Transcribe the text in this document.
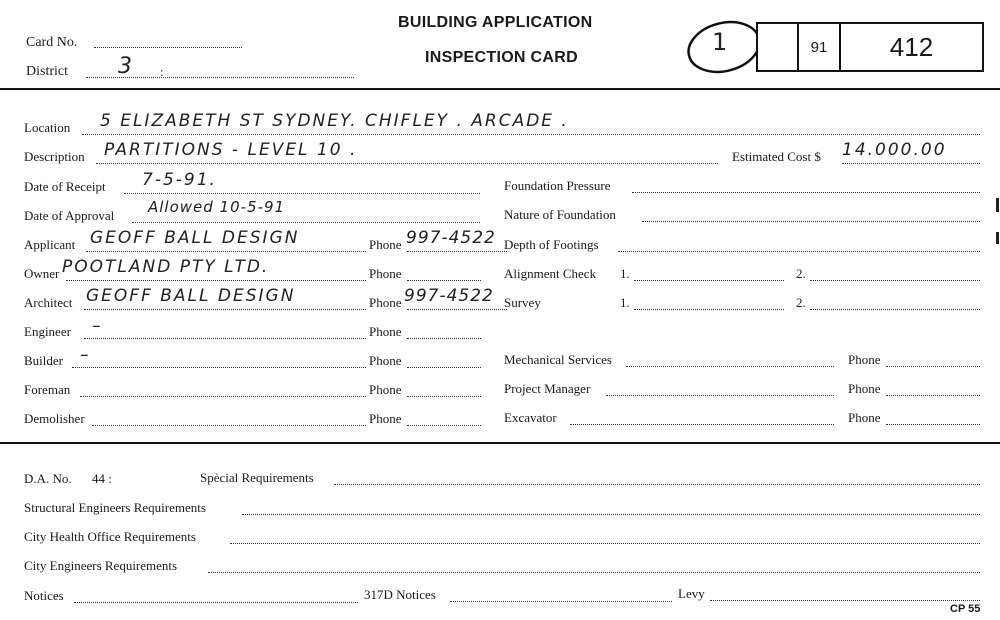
Card No.
District 3 :
BUILDING APPLICATION
INSPECTION CARD
1	91 412
Location 5 ELIZABETH ST SYDNEY. CHIFLEY . ARCADE .
Description PARTITIONS - LEVEL 10 .	Estimated Cost $ 14.000.00
Date of Receipt 7-5-91.
Date of Approval Allowed 10-5-91
Applicant GEOFF BALL DESIGN	Phone 997-4522
Owner POOTLAND PTY LTD.	Phone
Architect GEOFF BALL DESIGN	Phone 997-4522
Engineer –	Phone
Builder –	Phone
Foreman	Phone
Demolisher	Phone
Foundation Pressure
Nature of Foundation
Depth of Footings
Alignment Check 1.	2.
Survey	1.	2.
Mechanical Services	Phone
Project Manager	Phone
Excavator	Phone
D.A. No. 44 :	Spècial Requirements
Structural Engineers Requirements
City Health Office Requirements
City Engineers Requirements
Notices	317D Notices	Levy
CP 55
